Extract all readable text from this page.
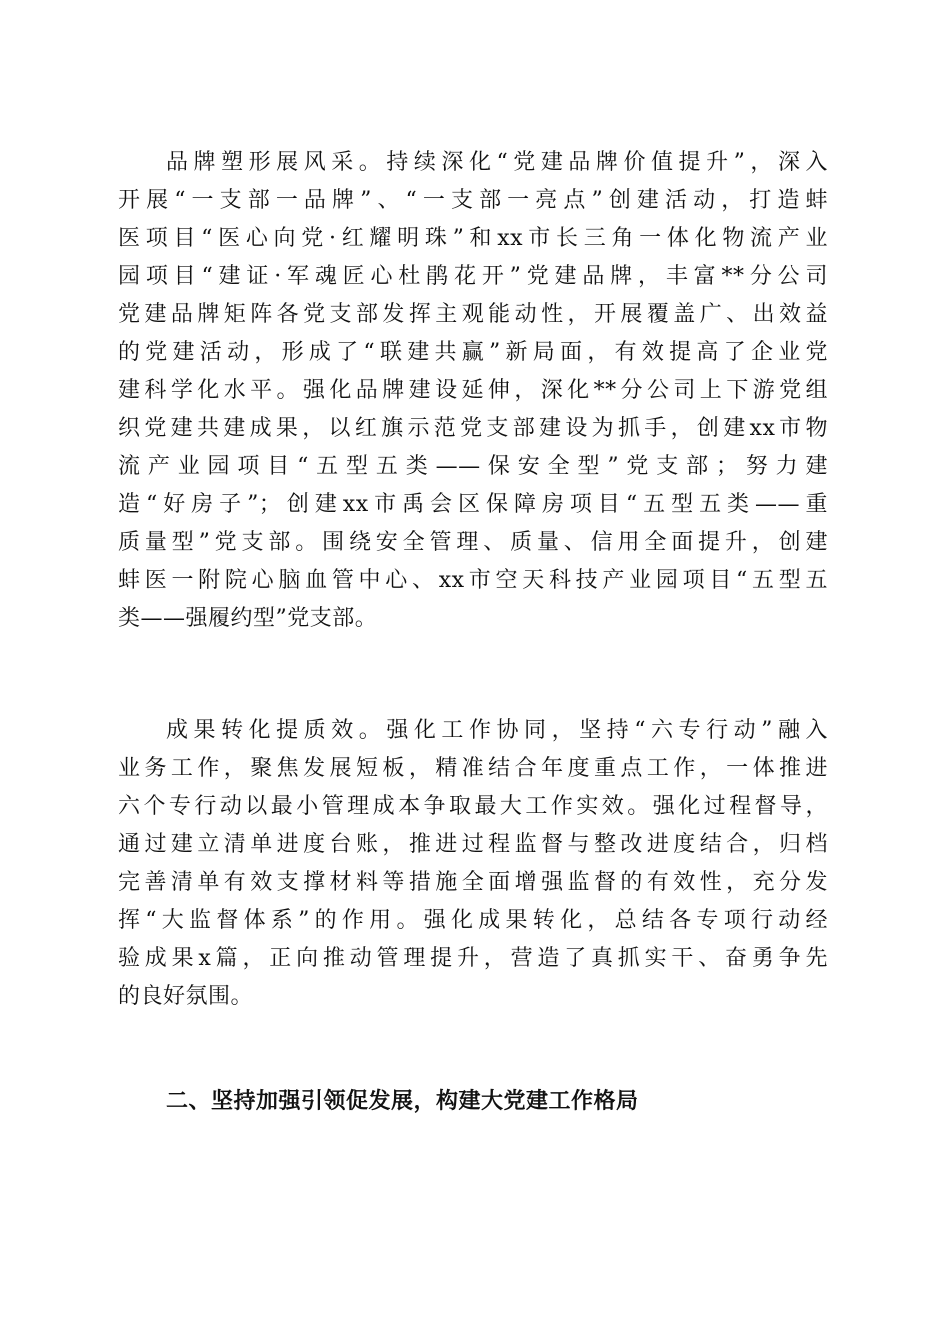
品牌塑形展风采。持续深化“党建品牌价值提升”，深入
开展“一支部一品牌”、“一支部一亮点”创建活动，打造蚌
医项目“医心向党·红耀明珠”和xx市长三角一体化物流产业
园项目“建证·军魂匠心杜鹃花开”党建品牌，丰富**分公司
党建品牌矩阵各党支部发挥主观能动性，开展覆盖广、出效益
的党建活动，形成了“联建共赢”新局面，有效提高了企业党
建科学化水平。强化品牌建设延伸，深化**分公司上下游党组
织党建共建成果，以红旗示范党支部建设为抓手，创建xx市物
流产业园项目“五型五类——保安全型”党支部；努力建
造“好房子”；创建xx市禹会区保障房项目“五型五类——重
质量型”党支部。围绕安全管理、质量、信用全面提升，创建
蚌医一附院心脑血管中心、xx市空天科技产业园项目“五型五
类——强履约型”党支部。
成果转化提质效。强化工作协同，坚持“六专行动”融入
业务工作，聚焦发展短板，精准结合年度重点工作，一体推进
六个专行动以最小管理成本争取最大工作实效。强化过程督导，
通过建立清单进度台账，推进过程监督与整改进度结合，归档
完善清单有效支撑材料等措施全面增强监督的有效性，充分发
挥“大监督体系”的作用。强化成果转化，总结各专项行动经
验成果x篇，正向推动管理提升，营造了真抓实干、奋勇争先
的良好氛围。
二、坚持加强引领促发展，构建大党建工作格局
